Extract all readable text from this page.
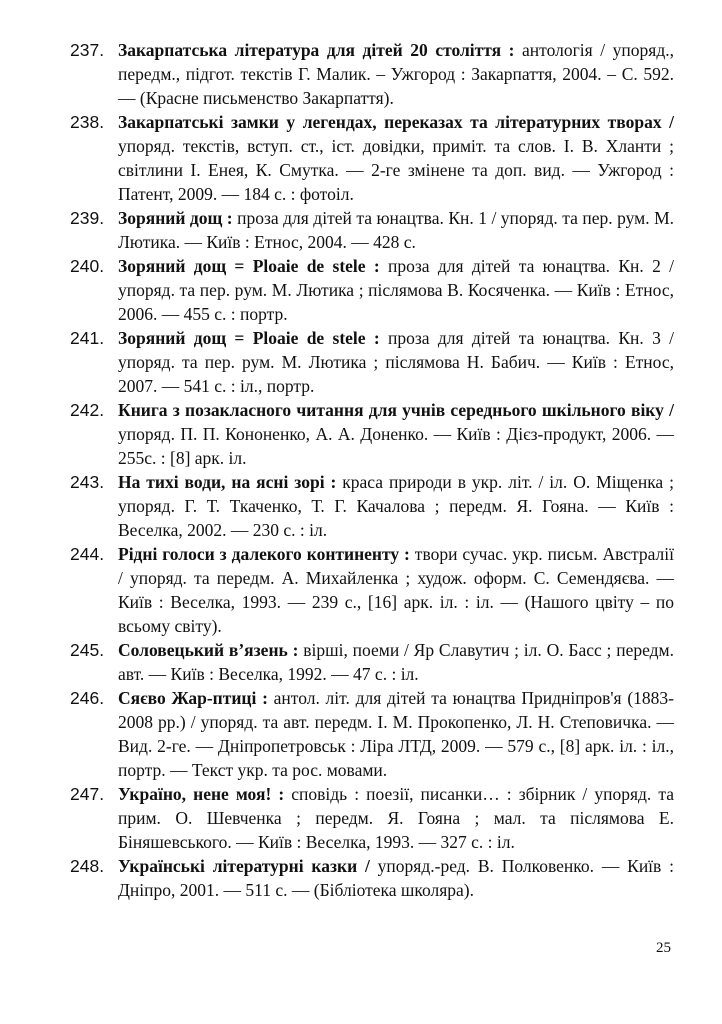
237. Закарпатська література для дітей 20 століття : антологія / упоряд., передм., підгот. текстів Г. Малик. – Ужгород : Закарпаття, 2004. – С. 592. — (Красне письменство Закарпаття).
238. Закарпатські замки у легендах, переказах та літературних творах / упоряд. текстів, вступ. ст., іст. довідки, приміт. та слов. І. В. Хланти ; світлини І. Енея, К. Смутка. — 2-ге змінене та доп. вид. — Ужгород : Патент, 2009. — 184 с. : фотоіл.
239. Зоряний дощ : проза для дітей та юнацтва. Кн. 1 / упоряд. та пер. рум. М. Лютика. — Київ : Етнос, 2004. — 428 с.
240. Зоряний дощ = Ploaie de stele : проза для дітей та юнацтва. Кн. 2 / упоряд. та пер. рум. М. Лютика ; післямова В. Косяченка. — Київ : Етнос, 2006. — 455 с. : портр.
241. Зоряний дощ = Ploaie de stele : проза для дітей та юнацтва. Кн. 3 / упоряд. та пер. рум. М. Лютика ; післямова Н. Бабич. — Київ : Етнос, 2007. — 541 с. : іл., портр.
242. Книга з позакласного читання для учнів середнього шкільного віку / упоряд. П. П. Кононенко, А. А. Доненко. — Київ : Дієз-продукт, 2006. — 255с. : [8] арк. іл.
243. На тихі води, на ясні зорі : краса природи в укр. літ. / іл. О. Міщенка ; упоряд. Г. Т. Ткаченко, Т. Г. Качалова ; передм. Я. Гояна. — Київ : Веселка, 2002. — 230 с. : іл.
244. Рідні голоси з далекого континенту : твори сучас. укр. письм. Австралії / упоряд. та передм. А. Михайленка ; худож. оформ. С. Семендяєва. — Київ : Веселка, 1993. — 239 с., [16] арк. іл. : іл. — (Нашого цвіту – по всьому світу).
245. Соловецький в’язень : вірші, поеми / Яр Славутич ; іл. О. Басс ; передм. авт. — Київ : Веселка, 1992. — 47 с. : іл.
246. Сяєво Жар-птиці : антол. літ. для дітей та юнацтва Придніпров'я (1883-2008 рр.) / упоряд. та авт. передм. І. М. Прокопенко, Л. Н. Степовичка. — Вид. 2-ге. — Дніпропетровськ : Ліра ЛТД, 2009. — 579 с., [8] арк. іл. : іл., портр. — Текст укр. та рос. мовами.
247. Україно, нене моя! : сповідь : поезії, писанки… : збірник / упоряд. та прим. О. Шевченка ; передм. Я. Гояна ; мал. та післямова Е. Біняшевського. — Київ : Веселка, 1993. — 327 с. : іл.
248. Українські літературні казки / упоряд.-ред. В. Полковенко. — Київ : Дніпро, 2001. — 511 с. — (Бібліотека школяра).
25
